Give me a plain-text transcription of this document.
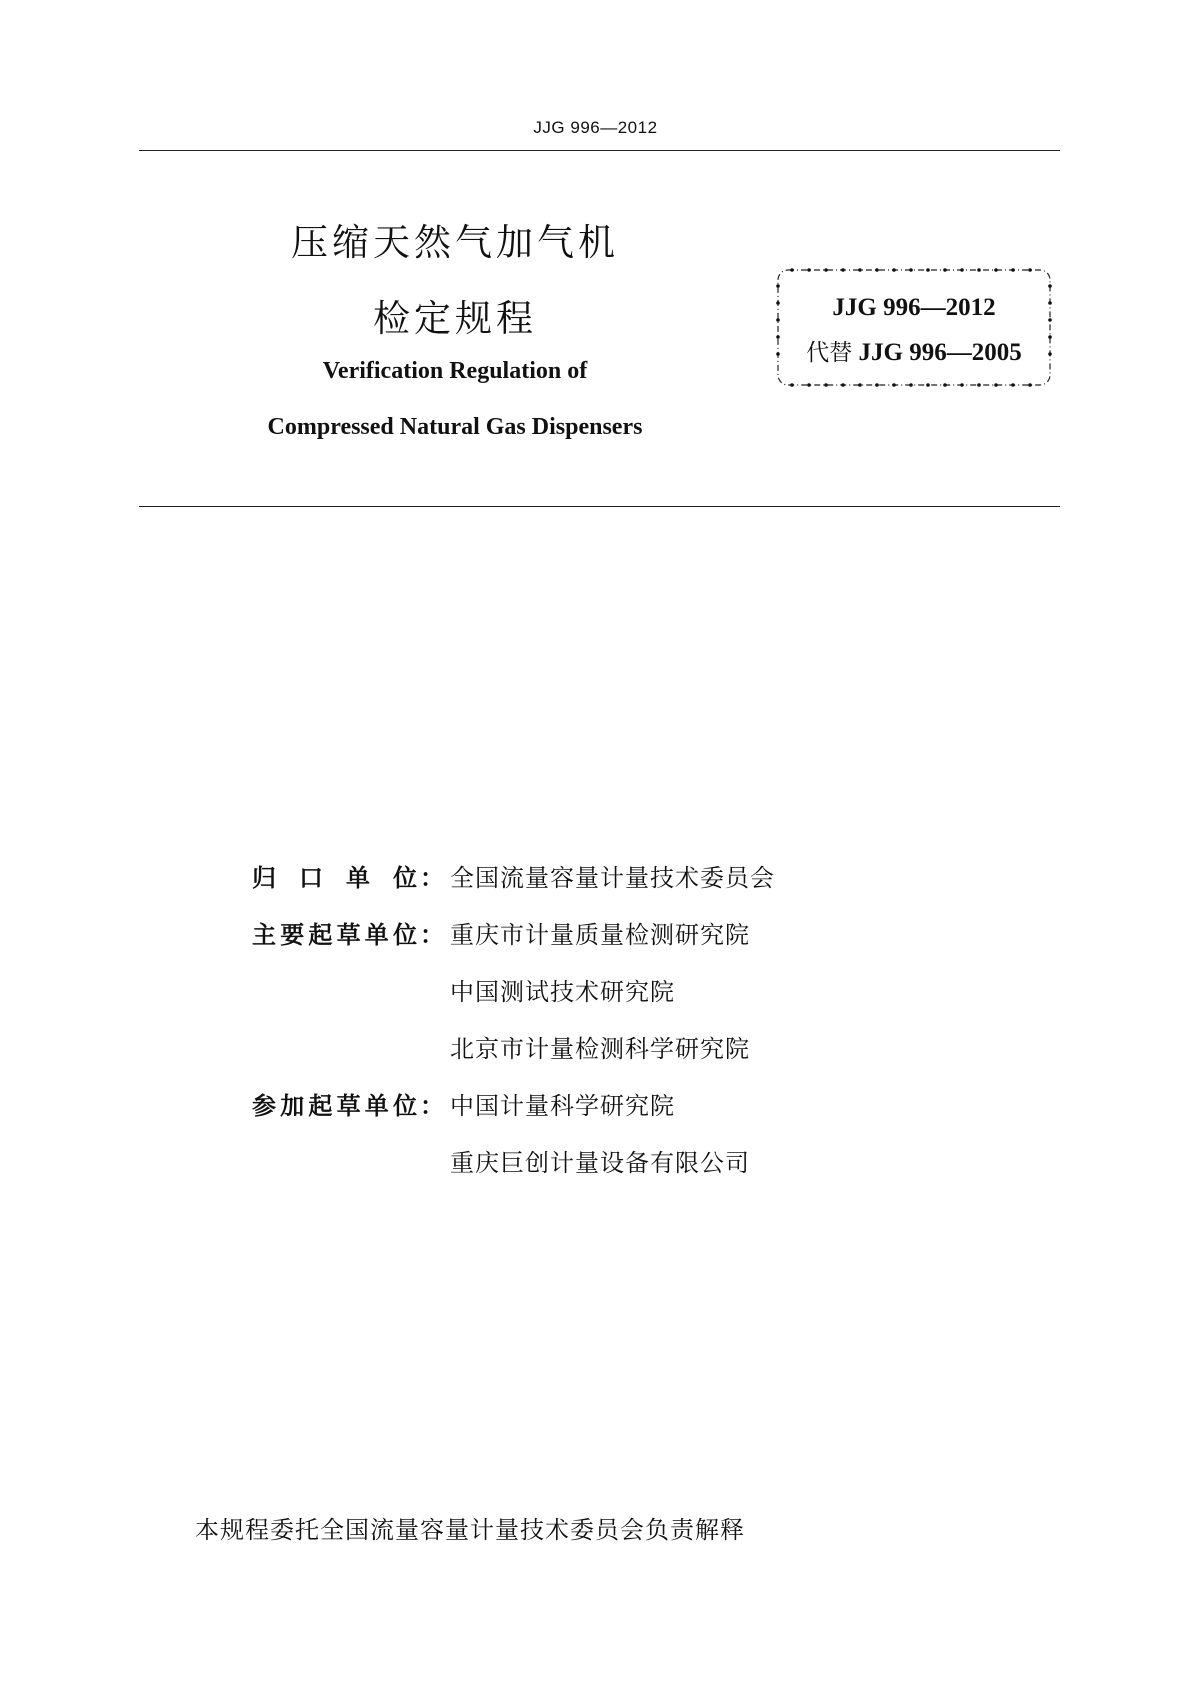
JJG 996—2012
压缩天然气加气机
检定规程
Verification Regulation of
Compressed Natural Gas Dispensers
JJG 996—2012
代替 JJG 996—2005
归口单位 ： 全国流量容量计量技术委员会
主要起草单位 ： 重庆市计量质量检测研究院
中国测试技术研究院
北京市计量检测科学研究院
参加起草单位 ： 中国计量科学研究院
重庆巨创计量设备有限公司
本规程委托全国流量容量计量技术委员会负责解释
